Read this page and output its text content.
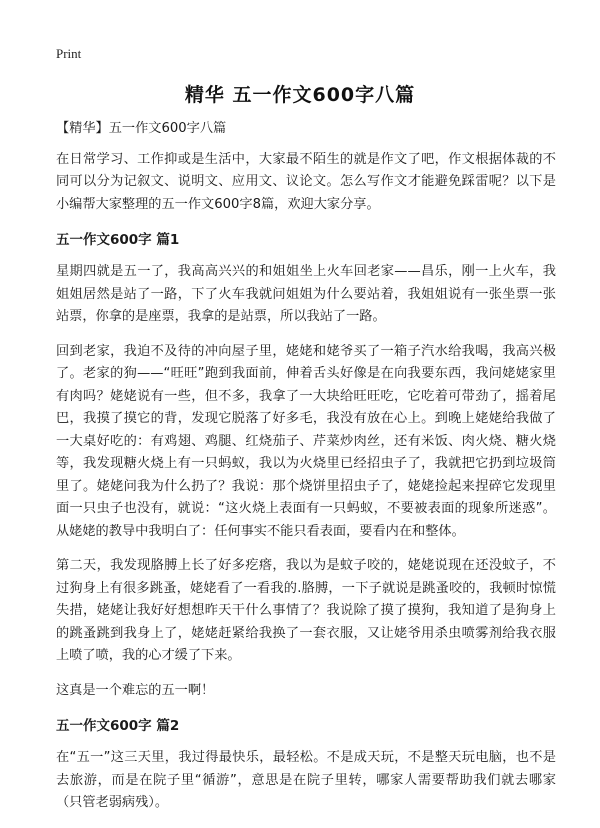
Print
精华 五一作文600字八篇

【精华】五一作文600字八篇

在日常学习、工作抑或是生活中，大家最不陌生的就是作文了吧，作文根据体裁的不同可以分为记叙文、说明文、应用文、议论文。怎么写作文才能避免踩雷呢？以下是小编帮大家整理的五一作文600字8篇，欢迎大家分享。

五一作文600字 篇1

星期四就是五一了，我高高兴兴的和姐姐坐上火车回老家——昌乐，刚一上火车，我姐姐居然是站了一路，下了火车我就问姐姐为什么要站着，我姐姐说有一张坐票一张站票，你拿的是座票，我拿的是站票，所以我站了一路。

回到老家，我迫不及待的冲向屋子里，姥姥和姥爷买了一箱子汽水给我喝，我高兴极了。老家的狗——“旺旺”跑到我面前，伸着舌头好像是在向我要东西，我问姥姥家里有肉吗？姥姥说有一些，但不多，我拿了一大块给旺旺吃，它吃着可带劲了，摇着尾巴，我摸了摸它的背，发现它脱落了好多毛，我没有放在心上。到晚上姥姥给我做了一大桌好吃的：有鸡翅、鸡腿、红烧茄子、芹菜炒肉丝，还有米饭、肉火烧、糖火烧等，我发现糖火烧上有一只蚂蚁，我以为火烧里已经招虫子了，我就把它扔到垃圾筒里了。姥姥问我为什么扔了？我说：那个烧饼里招虫子了，姥姥捡起来捏碎它发现里面一只虫子也没有，就说：“这火烧上表面有一只蚂蚁，不要被表面的现象所迷惑”。从姥姥的教导中我明白了：任何事实不能只看表面，要看内在和整体。

第二天，我发现胳膊上长了好多疙瘩，我以为是蚊子咬的，姥姥说现在还没蚊子，不过狗身上有很多跳蚤，姥姥看了一看我的.胳膊，一下子就说是跳蚤咬的，我顿时惊慌失措，姥姥让我好好想想昨天干什么事情了？我说除了摸了摸狗，我知道了是狗身上的跳蚤跳到我身上了，姥姥赶紧给我换了一套衣服，又让姥爷用杀虫喷雾剂给我衣服上喷了喷，我的心才缓了下来。

这真是一个难忘的五一啊！

五一作文600字 篇2

在“五一”这三天里，我过得最快乐，最轻松。不是成天玩，不是整天玩电脑，也不是去旅游，而是在院子里“循游”，意思是在院子里转，哪家人需要帮助我们就去哪家（只管老弱病残）。
